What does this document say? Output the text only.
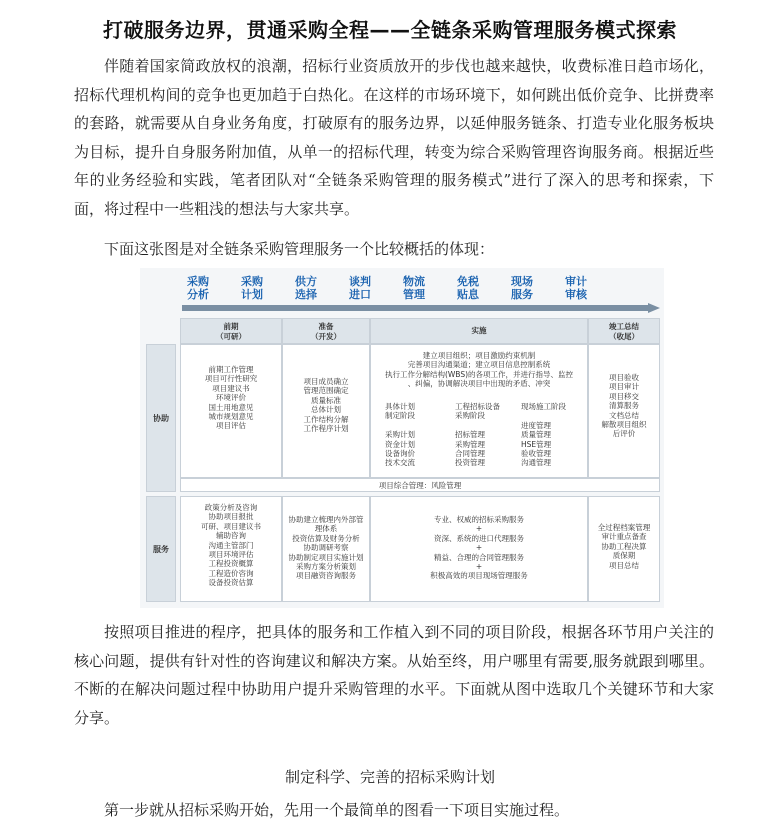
打破服务边界，贯通采购全程——全链条采购管理服务模式探索

伴随着国家简政放权的浪潮，招标行业资质放开的步伐也越来越快，收费标准日趋市场化，招标代理机构间的竞争也更加趋于白热化。在这样的市场环境下，如何跳出低价竞争、比拼费率的套路，就需要从自身业务角度，打破原有的服务边界，以延伸服务链条、打造专业化服务板块为目标，提升自身服务附加值，从单一的招标代理，转变为综合采购管理咨询服务商。根据近些年的业务经验和实践，笔者团队对“全链条采购管理的服务模式”进行了深入的思考和探索，下面，将过程中一些粗浅的想法与大家共享。

下面这张图是对全链条采购管理服务一个比较概括的体现：

采购
分析
采购
计划
供方
选择
谈判
进口
物流
管理
免税
贴息
现场
服务
审计
审核
前期
（可研）
准备
（开发）
实施	竣工总结
（收尾）
协助
服务
前期工作管理
项目可行性研究
项目建议书
环境评价
国土用地意见
城市规划意见
项目评估
项目成员确立
管理范围确定
质量标准
总体计划
工作结构分解
工作程序计划
建立项目组织；项目激励约束机制
完善项目沟通渠道；建立项目信息控制系统
执行工作分解结构(WBS)的各项工作，并进行指导、监控
、纠偏，协调解决项目中出现的矛盾、冲突
具体计划
制定阶段

采购计划
资金计划
设备询价
技术交流
工程招标设备
采购阶段

招标管理
采购管理
合同管理
投资管理
现场施工阶段

进度管理
质量管理
HSE管理
验收管理
沟通管理
项目验收
项目审计
项目移交
清算服务
文档总结
解散项目组织
后评价
项目综合管理：风险管理
政策分析及咨询
协助项目报批
可研、项目建议书
辅助咨询
沟通主管部门
项目环境评估
工程投资概算
工程造价咨询
设备投资估算
协助建立梳理内外部管
理体系
投资估算及财务分析
协助调研考察
协助制定项目实施计划
采购方案分析策划
项目融资咨询服务
专业、权威的招标采购服务
+
资深、系统的进口代理服务
+
精益、合理的合同管理服务
+
积极高效的项目现场管理服务
全过程档案管理
审计重点备查
协助工程决算
质保期
项目总结

按照项目推进的程序，把具体的服务和工作植入到不同的项目阶段，根据各环节用户关注的核心问题，提供有针对性的咨询建议和解决方案。从始至终，用户哪里有需要,服务就跟到哪里。 不断的在解决问题过程中协助用户提升采购管理的水平。下面就从图中选取几个关键环节和大家分享。

制定科学、完善的招标采购计划

第一步就从招标采购开始，先用一个最简单的图看一下项目实施过程。
